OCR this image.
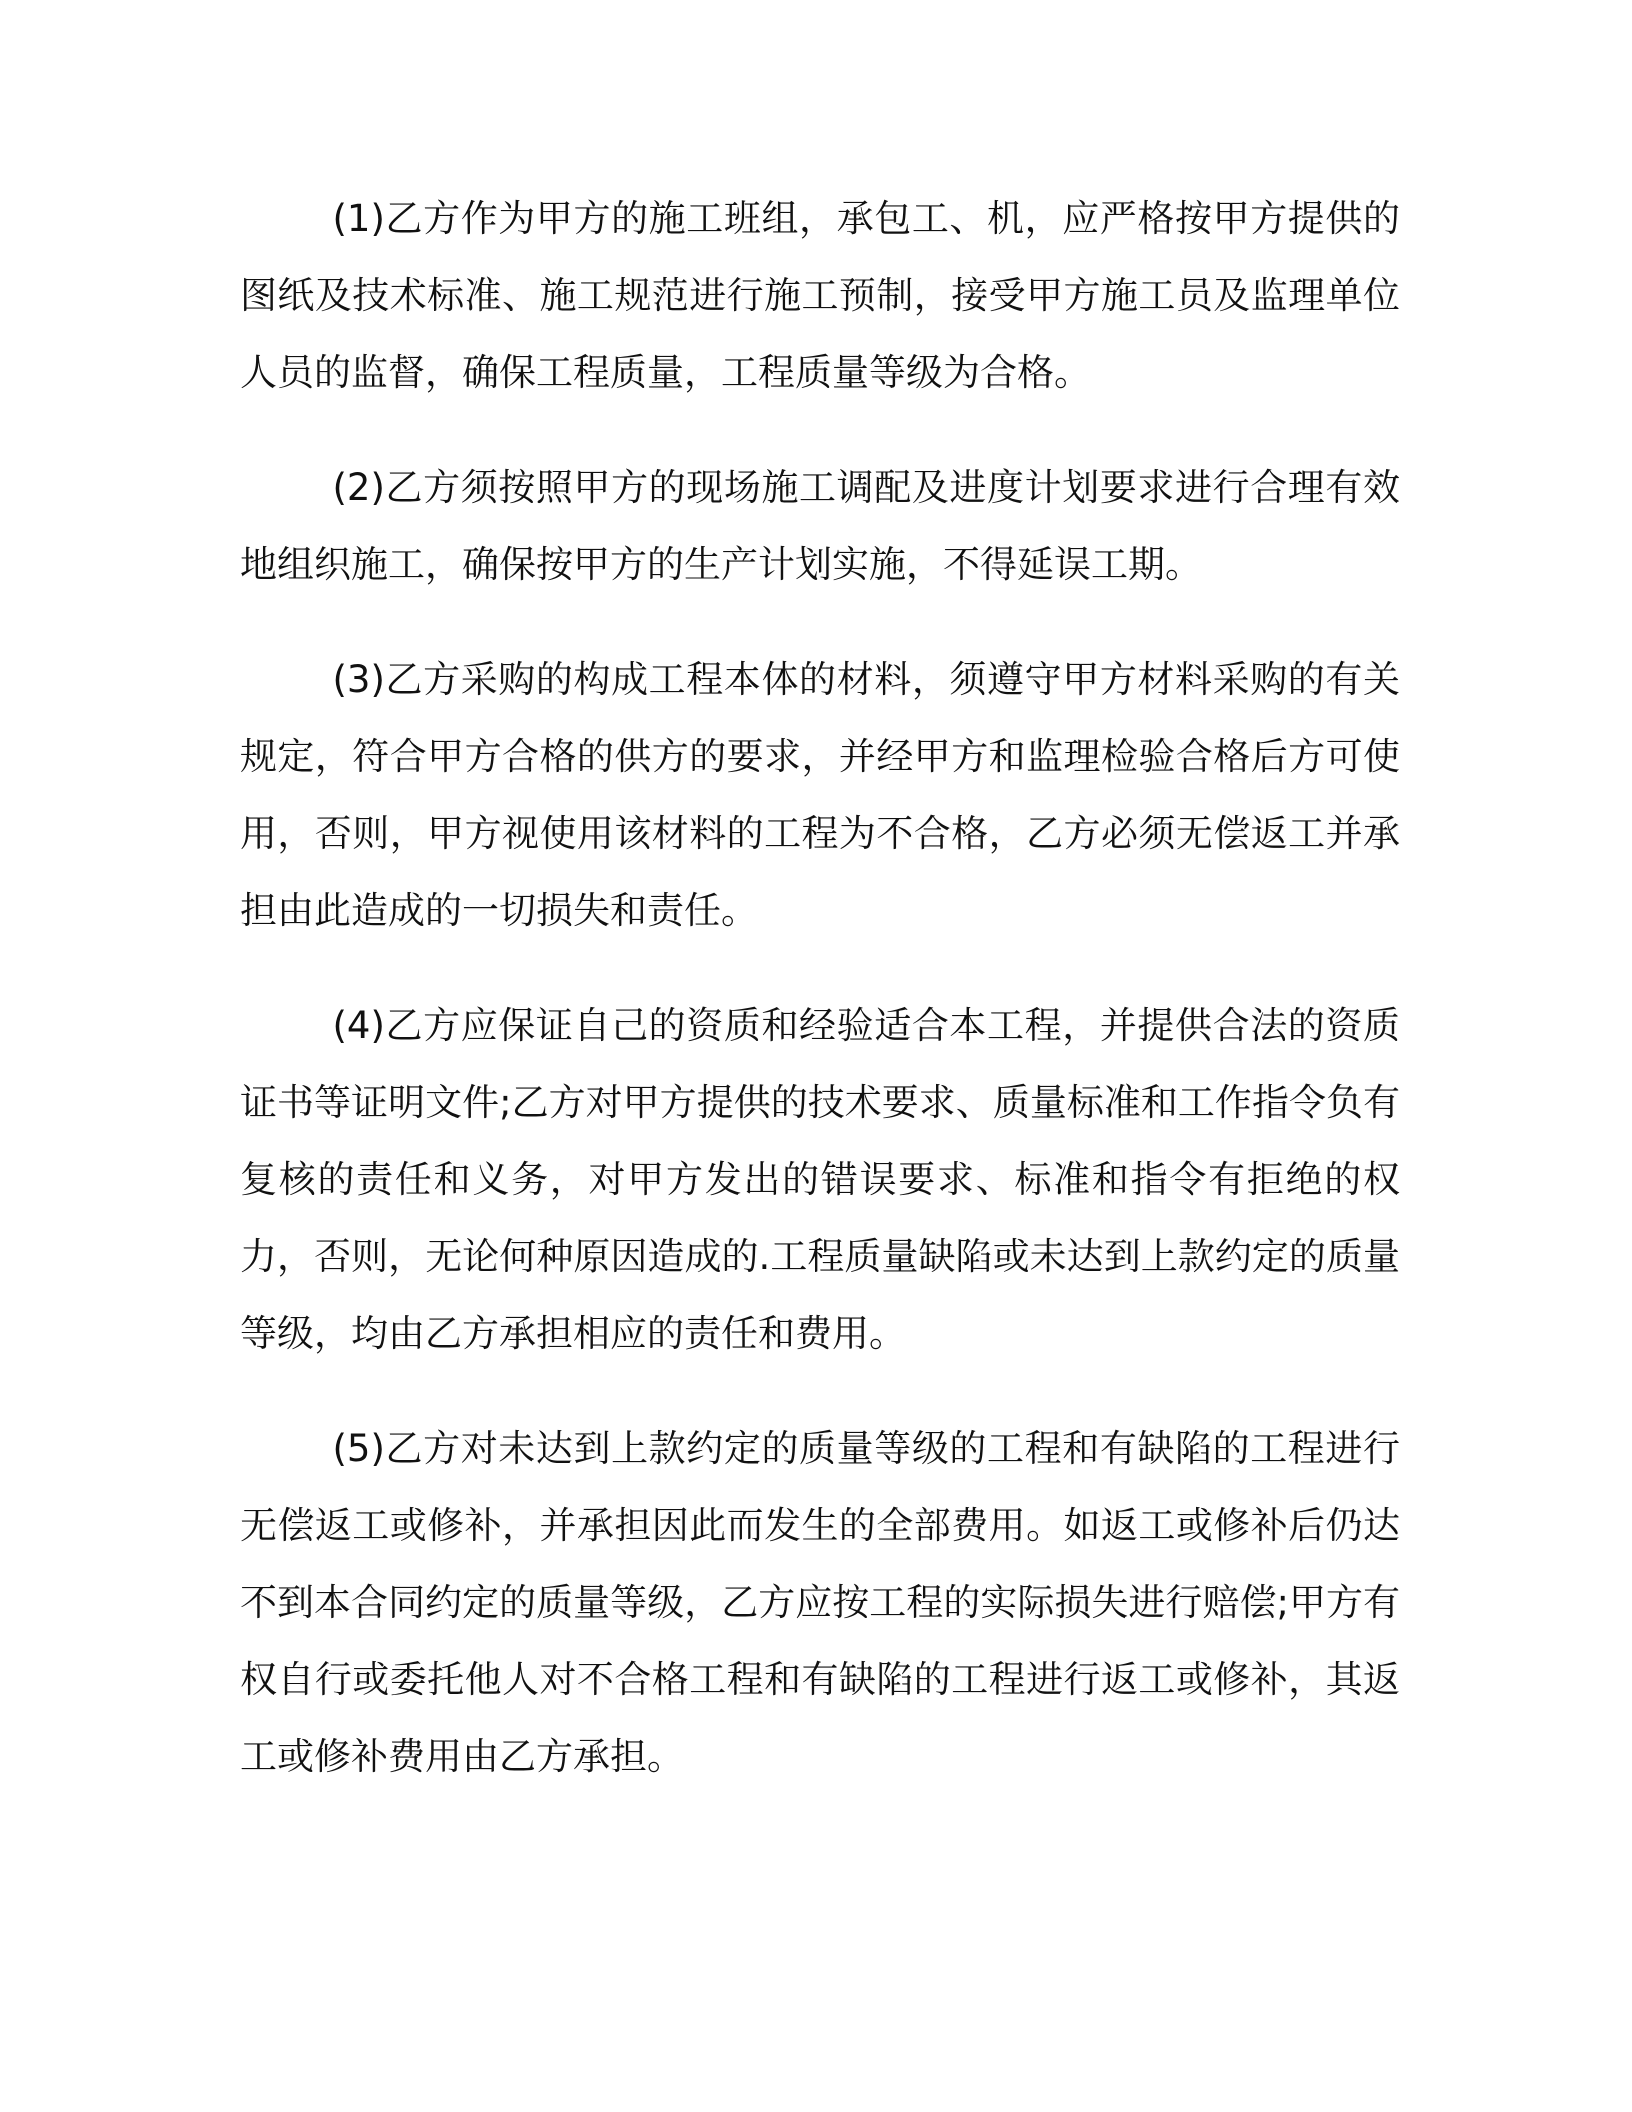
(1)乙方作为甲方的施工班组，承包工、机，应严格按甲方提供的图纸及技术标准、施工规范进行施工预制，接受甲方施工员及监理单位人员的监督，确保工程质量，工程质量等级为合格。

(2)乙方须按照甲方的现场施工调配及进度计划要求进行合理有效地组织施工，确保按甲方的生产计划实施，不得延误工期。

(3)乙方采购的构成工程本体的材料，须遵守甲方材料采购的有关规定，符合甲方合格的供方的要求，并经甲方和监理检验合格后方可使用，否则，甲方视使用该材料的工程为不合格，乙方必须无偿返工并承担由此造成的一切损失和责任。

(4)乙方应保证自己的资质和经验适合本工程，并提供合法的资质证书等证明文件;乙方对甲方提供的技术要求、质量标准和工作指令负有复核的责任和义务，对甲方发出的错误要求、标准和指令有拒绝的权力，否则，无论何种原因造成的.工程质量缺陷或未达到上款约定的质量等级，均由乙方承担相应的责任和费用。

(5)乙方对未达到上款约定的质量等级的工程和有缺陷的工程进行无偿返工或修补，并承担因此而发生的全部费用。如返工或修补后仍达不到本合同约定的质量等级，乙方应按工程的实际损失进行赔偿;甲方有权自行或委托他人对不合格工程和有缺陷的工程进行返工或修补，其返工或修补费用由乙方承担。
